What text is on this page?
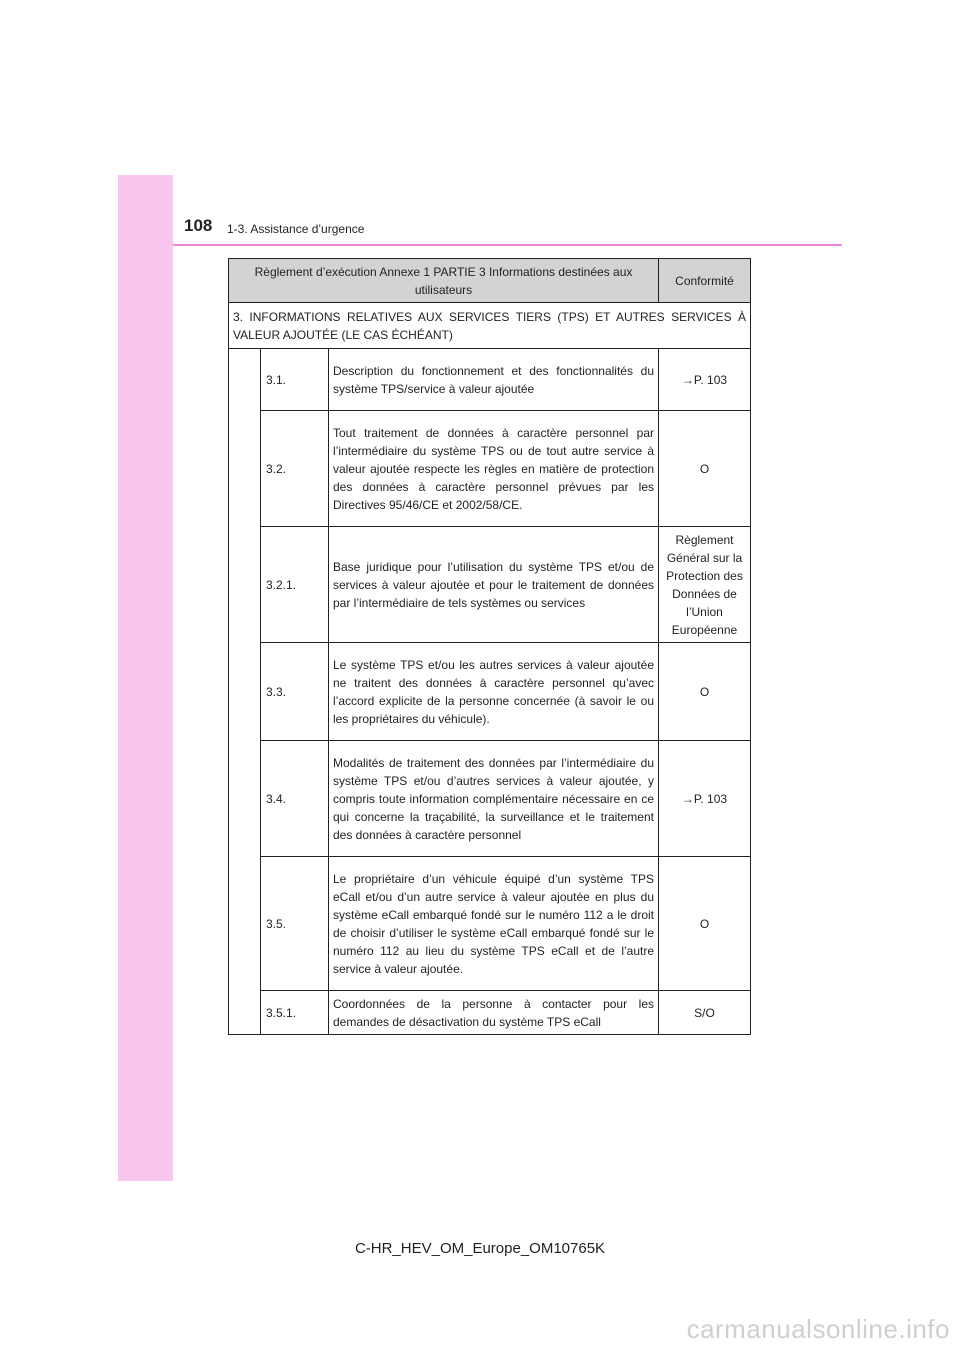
108 1-3. Assistance d’urgence
Règlement d’exécution Annexe 1 PARTIE 3 Informations destinées aux utilisateurs			Conformité
3. INFORMATIONS RELATIVES AUX SERVICES TIERS (TPS) ET AUTRES SERVICES À VALEUR AJOUTÉE (LE CAS ÉCHÉANT)			
	3.1.	Description du fonctionnement et des fonctionnalités du système TPS/service à valeur ajoutée	→P. 103
	3.2.	Tout traitement de données à caractère personnel par l’intermédiaire du système TPS ou de tout autre service à valeur ajoutée respecte les règles en matière de protection des données à caractère personnel prévues par les Directives 95/46/CE et 2002/58/CE.	O
	3.2.1.	Base juridique pour l’utilisation du système TPS et/ou de services à valeur ajoutée et pour le traitement de données par l’intermédiaire de tels systèmes ou services	Règlement Général sur la Protection des Données de l’Union Européenne
	3.3.	Le système TPS et/ou les autres services à valeur ajoutée ne traitent des données à caractère personnel qu’avec l’accord explicite de la personne concernée (à savoir le ou les propriétaires du véhicule).	O
	3.4.	Modalités de traitement des données par l’intermédiaire du système TPS et/ou d’autres services à valeur ajoutée, y compris toute information complémentaire nécessaire en ce qui concerne la traçabilité, la surveillance et le traitement des données à caractère personnel	→P. 103
	3.5.	Le propriétaire d’un véhicule équipé d’un système TPS eCall et/ou d’un autre service à valeur ajoutée en plus du système eCall embarqué fondé sur le numéro 112 a le droit de choisir d’utiliser le système eCall embarqué fondé sur le numéro 112 au lieu du système TPS eCall et de l’autre service à valeur ajoutée.	O
	3.5.1.	Coordonnées de la personne à contacter pour les demandes de désactivation du système TPS eCall	S/O
C-HR_HEV_OM_Europe_OM10765K
carmanualsonline.info
